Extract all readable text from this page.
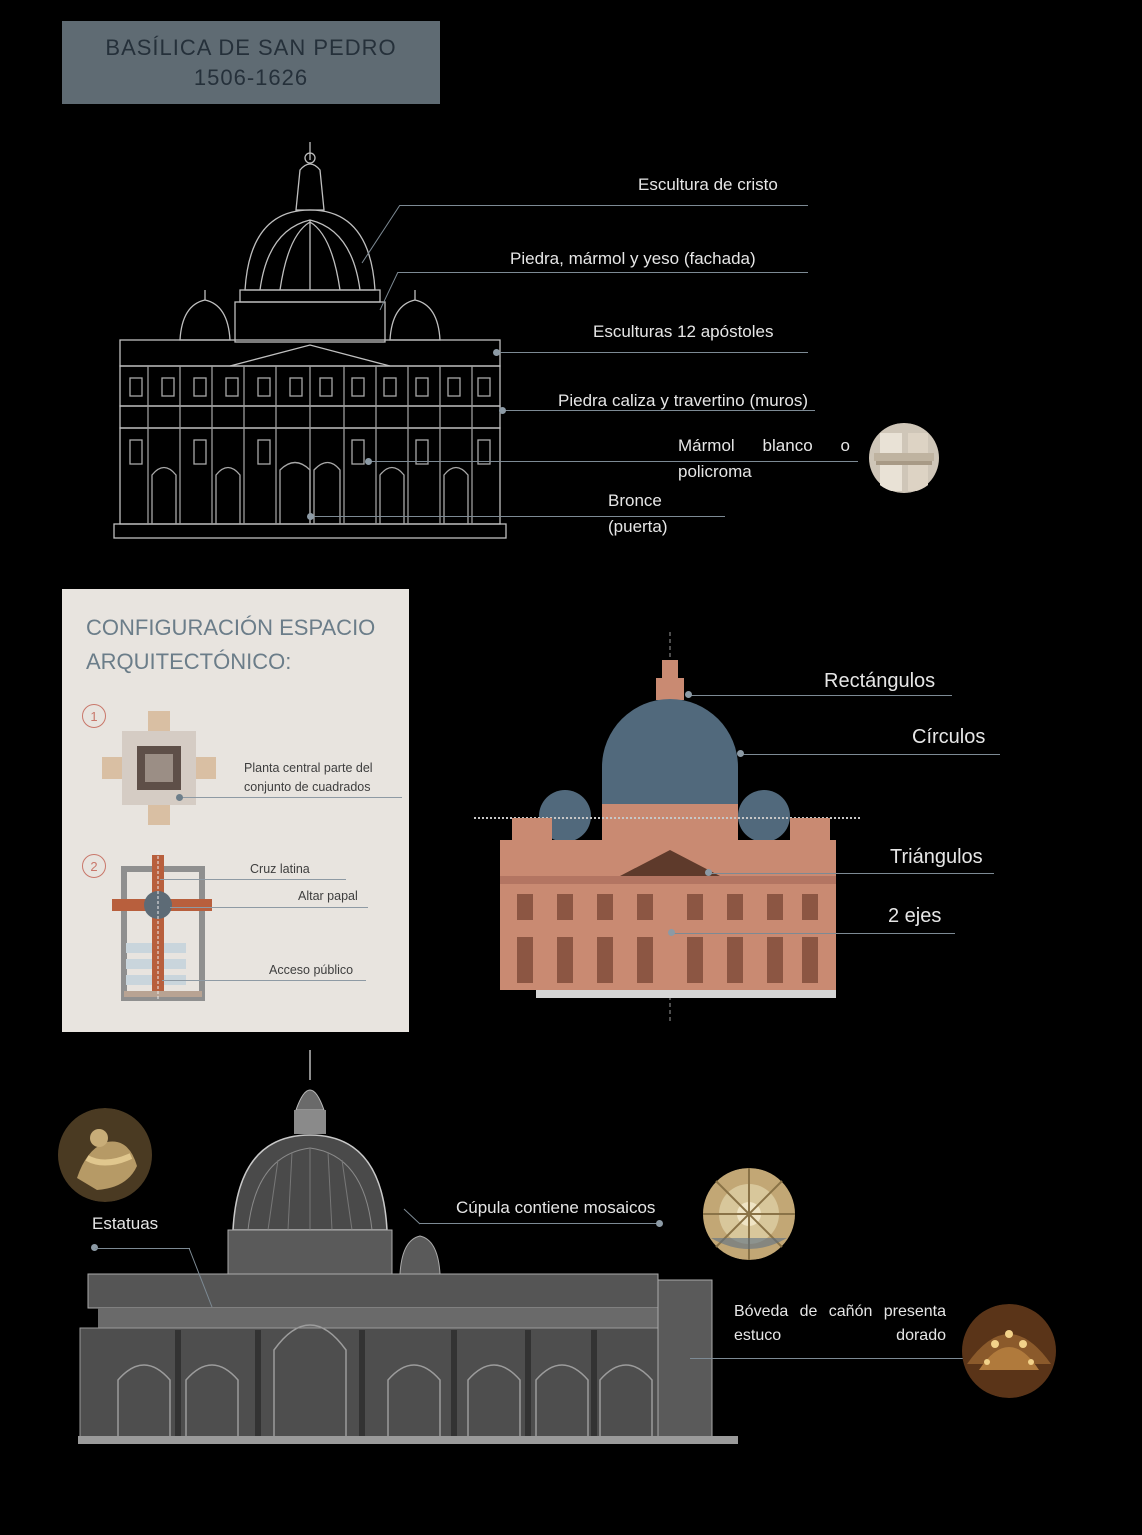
BASÍLICA DE SAN PEDRO
1506-1626
Escultura de cristo
Piedra, mármol y yeso (fachada)
Esculturas 12 apóstoles
Piedra caliza y travertino (muros)
Mármol blanco o policroma
Bronce (puerta)
CONFIGURACIÓN ESPACIO ARQUITECTÓNICO:
1
Planta central parte del conjunto de cuadrados
2	Cruz latina
Altar papal
Acceso público
Rectángulos
Círculos
Triángulos
2 ejes
Estatuas
Cúpula contiene mosaicos
Bóveda de cañón presenta estuco dorado
